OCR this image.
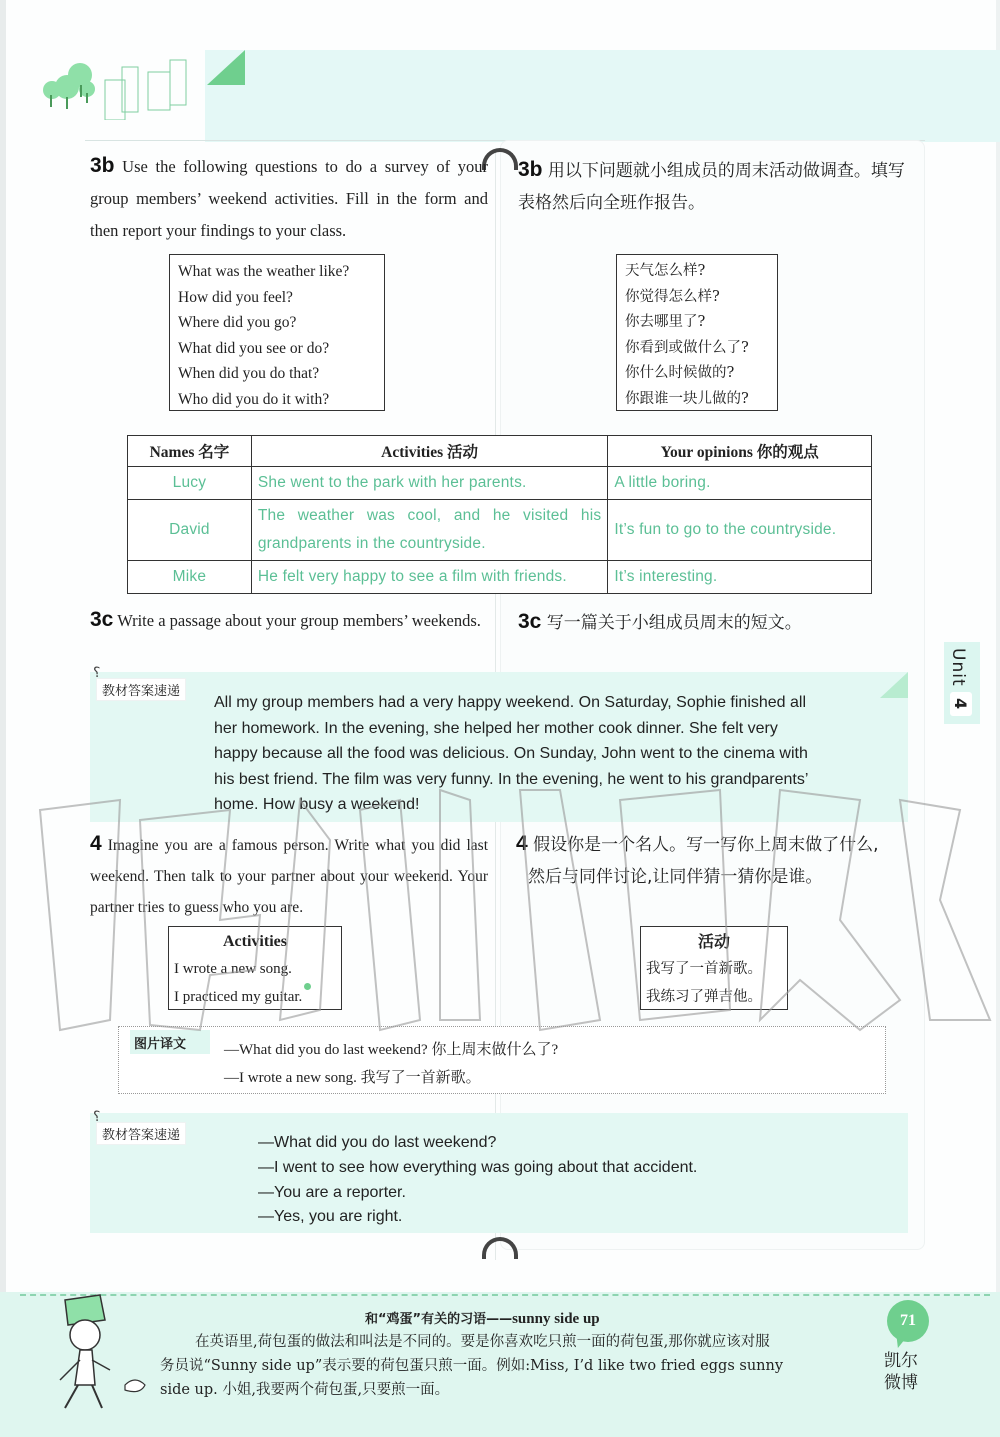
3b Use the following questions to do a survey of your group members’ weekend activities. Fill in the form and then report your findings to your class.
3b 用以下问题就小组成员的周末活动做调查。填写表格然后向全班作报告。
What was the weather like?
How did you feel?
Where did you go?
What did you see or do?
When did you do that?
Who did you do it with?
天气怎么样?
你觉得怎么样?
你去哪里了?
你看到或做什么了?
你什么时候做的?
你跟谁一块儿做的?
Names 名字	Activities 活动	Your opinions 你的观点
Lucy	She went to the park with her parents.	A little boring.
David	The weather was cool, and he visited his grandparents in the countryside.	It’s fun to go to the countryside.
Mike	He felt very happy to see a film with friends.	It’s interesting.
3c Write a passage about your group members’ weekends.	3c 写一篇关于小组成员周末的短文。
⸮
教材答案速递
All my group members had a very happy weekend. On Saturday, Sophie finished all
her homework. In the evening, she helped her mother cook dinner. She felt very
happy because all the food was delicious. On Sunday, John went to the cinema with
his best friend. The film was very funny. In the evening, he went to his grandparents’
home. How busy a weekend!
Unit
4
4 Imagine you are a famous person. Write what you did last weekend. Then talk to your partner about your weekend. Your partner tries to guess who you are.
4 假设你是一个名人。写一写你上周末做了什么,
然后与同伴讨论,让同伴猜一猜你是谁。
Activities
I wrote a new song.
I practiced my guitar.
活动
我写了一首新歌。
我练习了弹吉他。
图片译文	—What did you do last weekend? 你上周末做什么了?
—I wrote a new song. 我写了一首新歌。
⸮
教材答案速递	—What did you do last weekend?
—I went to see how everything was going about that accident.
—You are a reporter.
—Yes, you are right.
和“鸡蛋”有关的习语——sunny side up
在英语里,荷包蛋的做法和叫法是不同的。要是你喜欢吃只煎一面的荷包蛋,那你就应该对服
务员说“Sunny side up”表示要的荷包蛋只煎一面。例如:Miss, I’d like two fried eggs sunny
side up. 小姐,我要两个荷包蛋,只要煎一面。
71
凯尔
微博
